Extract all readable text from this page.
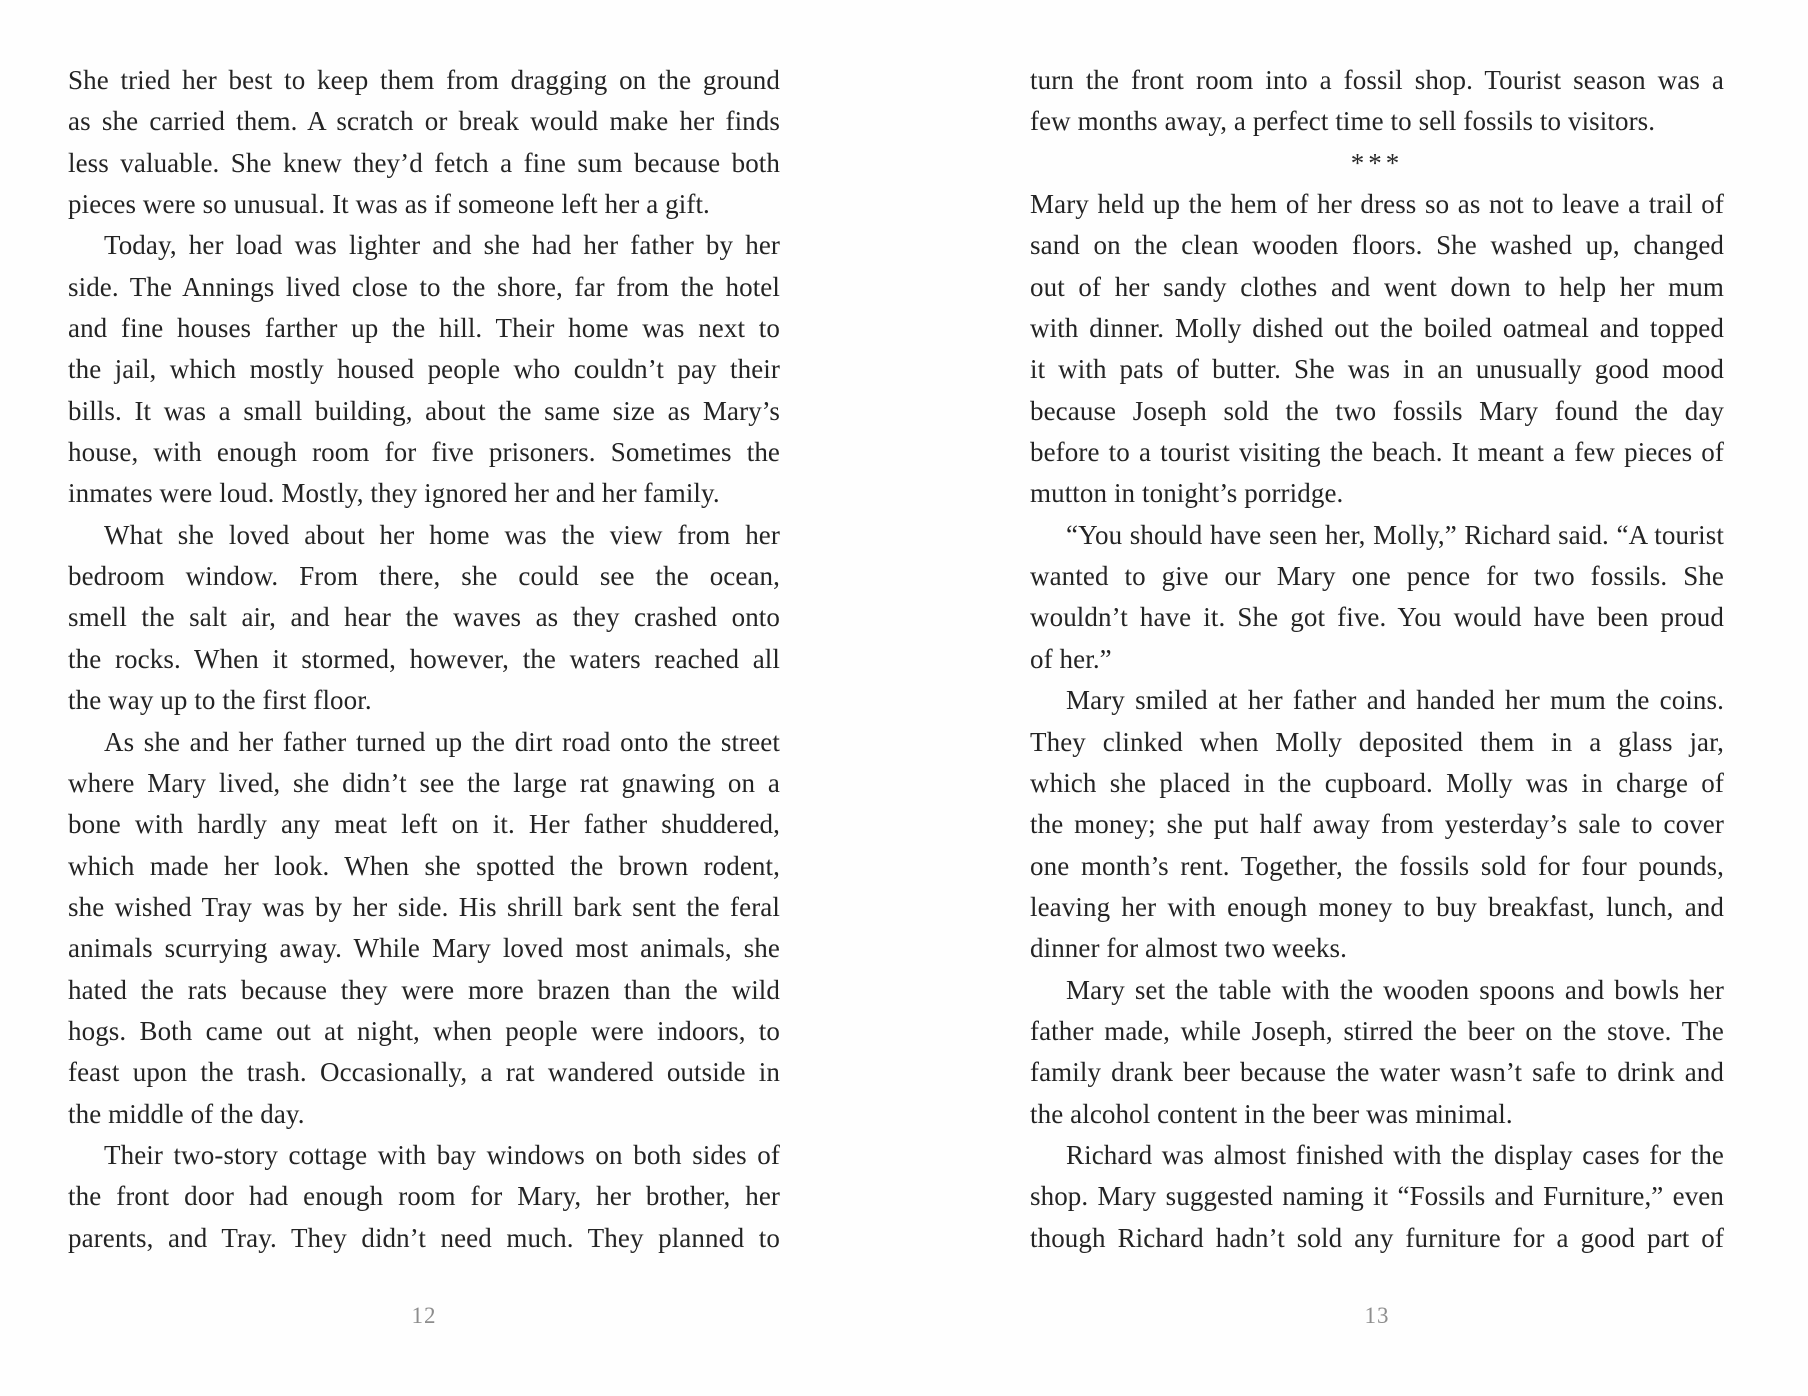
She tried her best to keep them from dragging on the ground
as she carried them. A scratch or break would make her finds
less valuable. She knew they’d fetch a fine sum because both
pieces were so unusual. It was as if someone left her a gift.
Today, her load was lighter and she had her father by her
side. The Annings lived close to the shore, far from the hotel
and fine houses farther up the hill. Their home was next to
the jail, which mostly housed people who couldn’t pay their
bills. It was a small building, about the same size as Mary’s
house, with enough room for five prisoners. Sometimes the
inmates were loud. Mostly, they ignored her and her family.
What she loved about her home was the view from her
bedroom window. From there, she could see the ocean,
smell the salt air, and hear the waves as they crashed onto
the rocks. When it stormed, however, the waters reached all
the way up to the first floor.
As she and her father turned up the dirt road onto the street
where Mary lived, she didn’t see the large rat gnawing on a
bone with hardly any meat left on it. Her father shuddered,
which made her look. When she spotted the brown rodent,
she wished Tray was by her side. His shrill bark sent the feral
animals scurrying away. While Mary loved most animals, she
hated the rats because they were more brazen than the wild
hogs. Both came out at night, when people were indoors, to
feast upon the trash. Occasionally, a rat wandered outside in
the middle of the day.
Their two-story cottage with bay windows on both sides of
the front door had enough room for Mary, her brother, her
parents, and Tray. They didn’t need much. They planned to
12
turn the front room into a fossil shop. Tourist season was a
few months away, a perfect time to sell fossils to visitors.
***
Mary held up the hem of her dress so as not to leave a trail of
sand on the clean wooden floors. She washed up, changed
out of her sandy clothes and went down to help her mum
with dinner. Molly dished out the boiled oatmeal and topped
it with pats of butter. She was in an unusually good mood
because Joseph sold the two fossils Mary found the day
before to a tourist visiting the beach. It meant a few pieces of
mutton in tonight’s porridge.
“You should have seen her, Molly,” Richard said. “A tourist
wanted to give our Mary one pence for two fossils. She
wouldn’t have it. She got five. You would have been proud
of her.”
Mary smiled at her father and handed her mum the coins.
They clinked when Molly deposited them in a glass jar,
which she placed in the cupboard. Molly was in charge of
the money; she put half away from yesterday’s sale to cover
one month’s rent. Together, the fossils sold for four pounds,
leaving her with enough money to buy breakfast, lunch, and
dinner for almost two weeks.
Mary set the table with the wooden spoons and bowls her
father made, while Joseph, stirred the beer on the stove. The
family drank beer because the water wasn’t safe to drink and
the alcohol content in the beer was minimal.
Richard was almost finished with the display cases for the
shop. Mary suggested naming it “Fossils and Furniture,” even
though Richard hadn’t sold any furniture for a good part of
13
